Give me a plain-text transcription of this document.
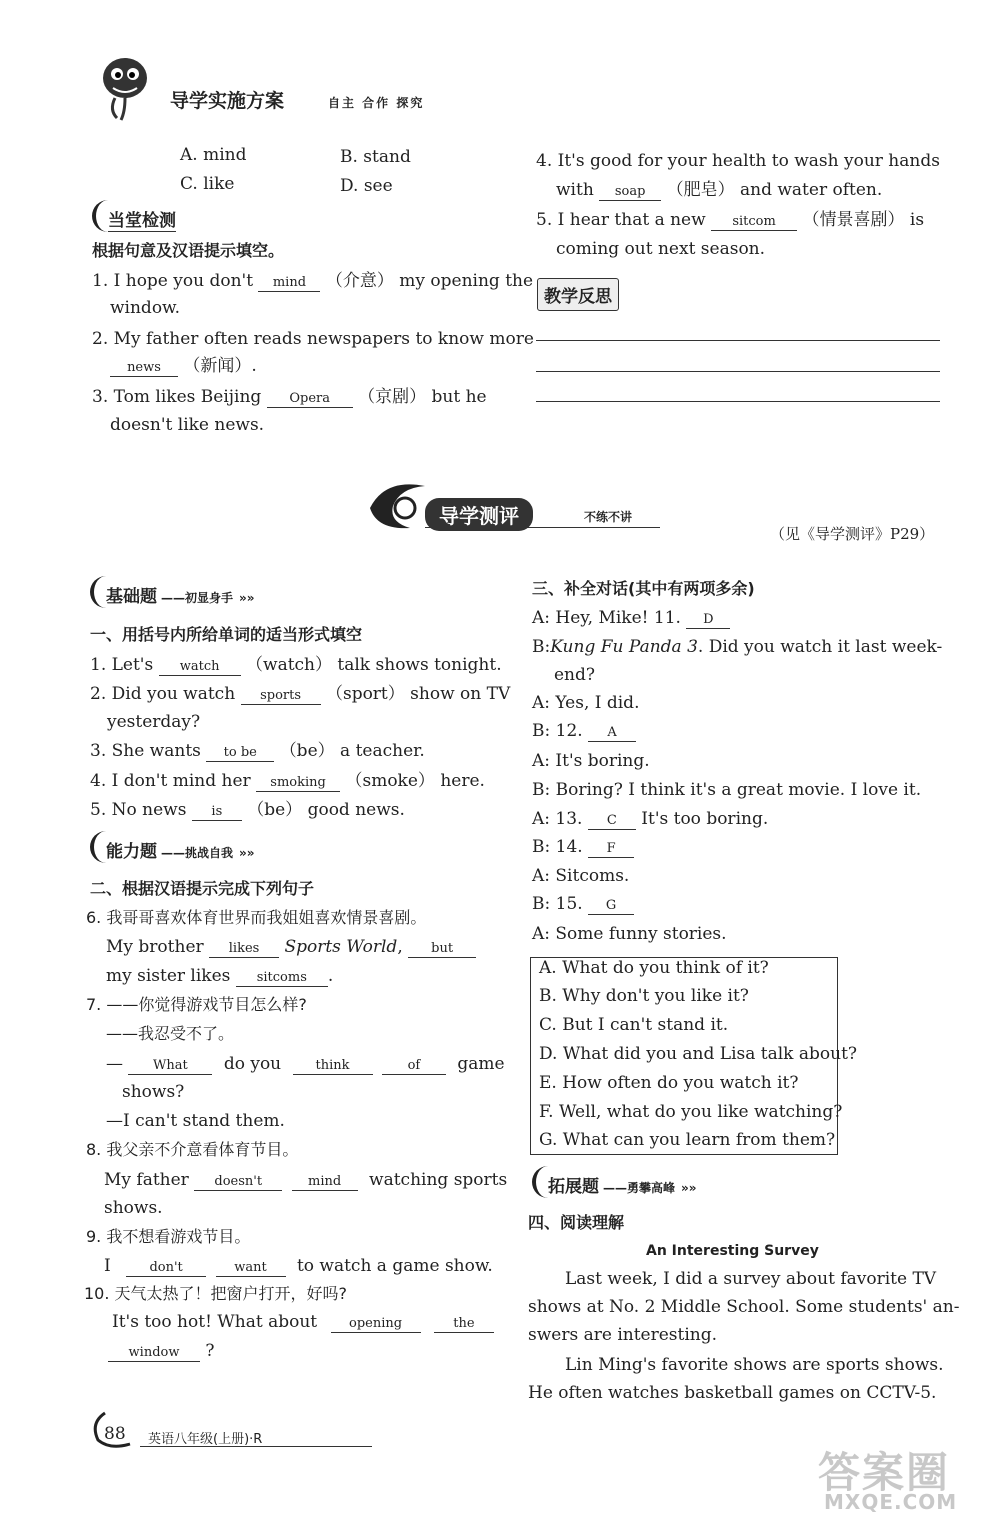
导学实施方案	自主 合作 探究
A. mind	B. stand
C. like	D. see
当堂检测
根据句意及汉语提示填空。
1. I hope you don't mind （介意） my opening the
window.
2. My father often reads newspapers to know more
news （新闻）.
3. Tom likes Beijing Opera （京剧） but he
doesn't like news.
4. It's good for your health to wash your hands
with soap （肥皂） and water often.
5. I hear that a new sitcom （情景喜剧） is
coming out next season.
教学反思
导学测评	不练不讲
（见《导学测评》P29）
基础题 ——初显身手 »»
一、用括号内所给单词的适当形式填空
1. Let's watch （watch） talk shows tonight.
2. Did you watch sports （sport） show on TV
yesterday?
3. She wants to be （be） a teacher.
4. I don't mind her smoking （smoke） here.
5. No news is （be） good news.
能力题 ——挑战自我 »»
二、根据汉语提示完成下列句子
6. 我哥哥喜欢体育世界而我姐姐喜欢情景喜剧。
My brother likes Sports World, but
my sister likes sitcoms .
7. ——你觉得游戏节目怎么样?
——我忍受不了。
— What do you	think	of game
shows?
—I can't stand them.
8. 我父亲不介意看体育节目。
My father doesn't	mind watching sports
shows.
9. 我不想看游戏节目。
I	don't	want to watch a game show.
10. 天气太热了！把窗户打开，好吗?
It's too hot! What about opening	the
window ?
三、补全对话(其中有两项多余)
A: Hey, Mike! 11. D
B:Kung Fu Panda 3. Did you watch it last week-
end?
A: Yes, I did.
B: 12. A
A: It's boring.
B: Boring? I think it's a great movie. I love it.
A: 13. C It's too boring.
B: 14. F
A: Sitcoms.
B: 15. G
A: Some funny stories.
A. What do you think of it?
B. Why don't you like it?
C. But I can't stand it.
D. What did you and Lisa talk about?
E. How often do you watch it?
F. Well, what do you like watching?
G. What can you learn from them?
拓展题 ——勇攀高峰 »»
四、阅读理解
An Interesting Survey
Last week, I did a survey about favorite TV
shows at No. 2 Middle School. Some students' an-
swers are interesting.
Lin Ming's favorite shows are sports shows.
He often watches basketball games on CCTV-5.
88 英语八年级(上册)·R
答案圈
MXQE.COM
